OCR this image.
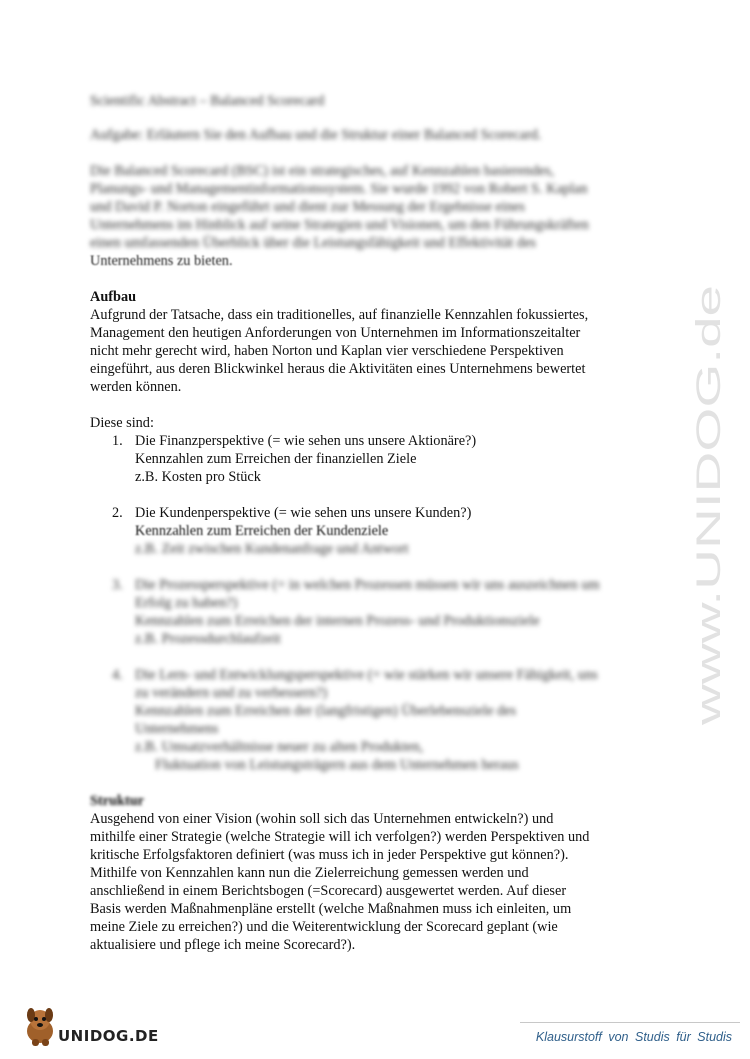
Scientific Abstract – Balanced Scorecard

Aufgabe: Erläutern Sie den Aufbau und die Struktur einer Balanced Scorecard.

Die Balanced Scorecard (BSC) ist ein strategisches, auf Kennzahlen basierendes,
Planungs- und Managementinformationssystem. Sie wurde 1992 von Robert S. Kaplan
und David P. Norton eingeführt und dient zur Messung der Ergebnisse eines
Unternehmens im Hinblick auf seine Strategien und Visionen, um den Führungskräften
einen umfassenden Überblick über die Leistungsfähigkeit und Effektivität des

Unternehmens zu bieten.

Aufbau

Aufgrund der Tatsache, dass ein traditionelles, auf finanzielle Kennzahlen fokussiertes,
Management den heutigen Anforderungen von Unternehmen im Informationszeitalter
nicht mehr gerecht wird, haben Norton und Kaplan vier verschiedene Perspektiven
eingeführt, aus deren Blickwinkel heraus die Aktivitäten eines Unternehmens bewertet
werden können.

Diese sind:

1. Die Finanzperspektive (= wie sehen uns unsere Aktionäre?)
Kennzahlen zum Erreichen der finanziellen Ziele
z.B. Kosten pro Stück
2. Die Kundenperspektive (= wie sehen uns unsere Kunden?)
Kennzahlen zum Erreichen der Kundenziele
z.B. Zeit zwischen Kundenanfrage und Antwort
3. Die Prozessperspektive (= in welchen Prozessen müssen wir uns auszeichnen um
Erfolg zu haben?)
Kennzahlen zum Erreichen der internen Prozess- und Produktionsziele
z.B. Prozessdurchlaufzeit
4. Die Lern- und Entwicklungsperspektive (= wie stärken wir unsere Fähigkeit, uns
zu verändern und zu verbessern?)
Kennzahlen zum Erreichen der (langfristigen) Überlebensziele des
Unternehmens
z.B. Umsatzverhältnisse neuer zu alten Produkten,
Fluktuation von Leistungsträgern aus dem Unternehmen heraus

Struktur

Ausgehend von einer Vision (wohin soll sich das Unternehmen entwickeln?) und
mithilfe einer Strategie (welche Strategie will ich verfolgen?) werden Perspektiven und
kritische Erfolgsfaktoren definiert (was muss ich in jeder Perspektive gut können?).
Mithilfe von Kennzahlen kann nun die Zielerreichung gemessen werden und
anschließend in einem Berichtsbogen (=Scorecard) ausgewertet werden. Auf dieser
Basis werden Maßnahmenpläne erstellt (welche Maßnahmen muss ich einleiten, um
meine Ziele zu erreichen?) und die Weiterentwicklung der Scorecard geplant (wie
aktualisiere und pflege ich meine Scorecard?).
www.UNIDOG.de
UNIDOG.DE	Klausurstoff von Studis für Studis
